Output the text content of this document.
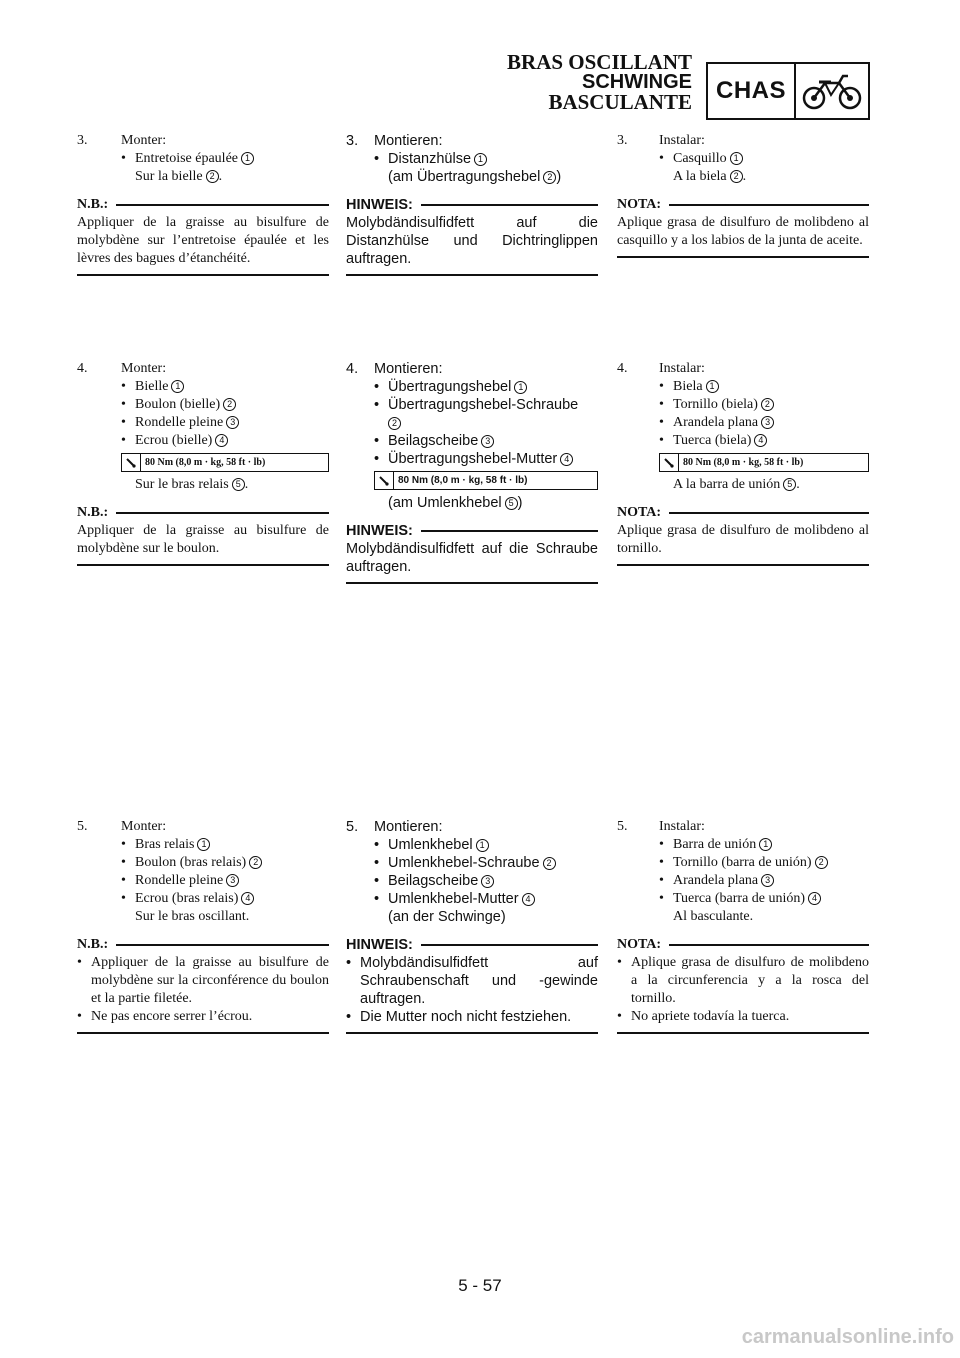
BRAS OSCILLANT
SCHWINGE
BASCULANTE CHAS
3.	Monter:
• Entretoise épaulée 1
Sur la bielle 2 .
N.B.:
Appliquer de la graisse au bisulfure de molybdène sur l’entretoise épaulée et les lèvres des bagues d’étanchéité.
4.	Monter:
• Bielle 1
• Boulon (bielle) 2
• Rondelle pleine 3
• Ecrou (bielle) 4
80 Nm (8,0 m · kg, 58 ft · lb)
Sur le bras relais 5 .
N.B.:
Appliquer de la graisse au bisulfure de molybdène sur le boulon.
5.	Monter:
• Bras relais 1
• Boulon (bras relais) 2
• Rondelle pleine 3
• Ecrou (bras relais) 4
Sur le bras oscillant.
N.B.:
• Appliquer de la graisse au bisulfure de molybdène sur la circonférence du boulon et la partie filetée.
• Ne pas encore serrer l’écrou.
3.	Montieren:
• Distanzhülse 1
(am Übertragungshebel 2 )
HINWEIS:
Molybdändisulfidfett auf die Distanzhülse und Dichtringlippen auftragen.
4.	Montieren:
• Übertragungshebel 1
• Übertragungshebel-Schraube
2
• Beilagscheibe 3
• Übertragungshebel-Mutter 4
80 Nm (8,0 m · kg, 58 ft · lb)
(am Umlenkhebel 5 )
HINWEIS:
Molybdändisulfidfett auf die Schraube auftragen.
5.	Montieren:
• Umlenkhebel 1
• Umlenkhebel-Schraube 2
• Beilagscheibe 3
• Umlenkhebel-Mutter 4
(an der Schwinge)
HINWEIS:
• Molybdändisulfidfett auf Schraubenschaft und -gewinde auftragen.
• Die Mutter noch nicht festziehen.
3.	Instalar:
• Casquillo 1
A la biela 2 .
NOTA:
Aplique grasa de disulfuro de molibdeno al casquillo y a los labios de la junta de aceite.
4.	Instalar:
• Biela 1
• Tornillo (biela) 2
• Arandela plana 3
• Tuerca (biela) 4
80 Nm (8,0 m · kg, 58 ft · lb)
A la barra de unión 5 .
NOTA:
Aplique grasa de disulfuro de molibdeno al tornillo.
5.	Instalar:
• Barra de unión 1
• Tornillo (barra de unión) 2
• Arandela plana 3
• Tuerca (barra de unión) 4
Al basculante.
NOTA:
• Aplique grasa de disulfuro de molibdeno a la circunferencia y a la rosca del tornillo.
• No apriete todavía la tuerca.
5 - 57
carmanualsonline.info
